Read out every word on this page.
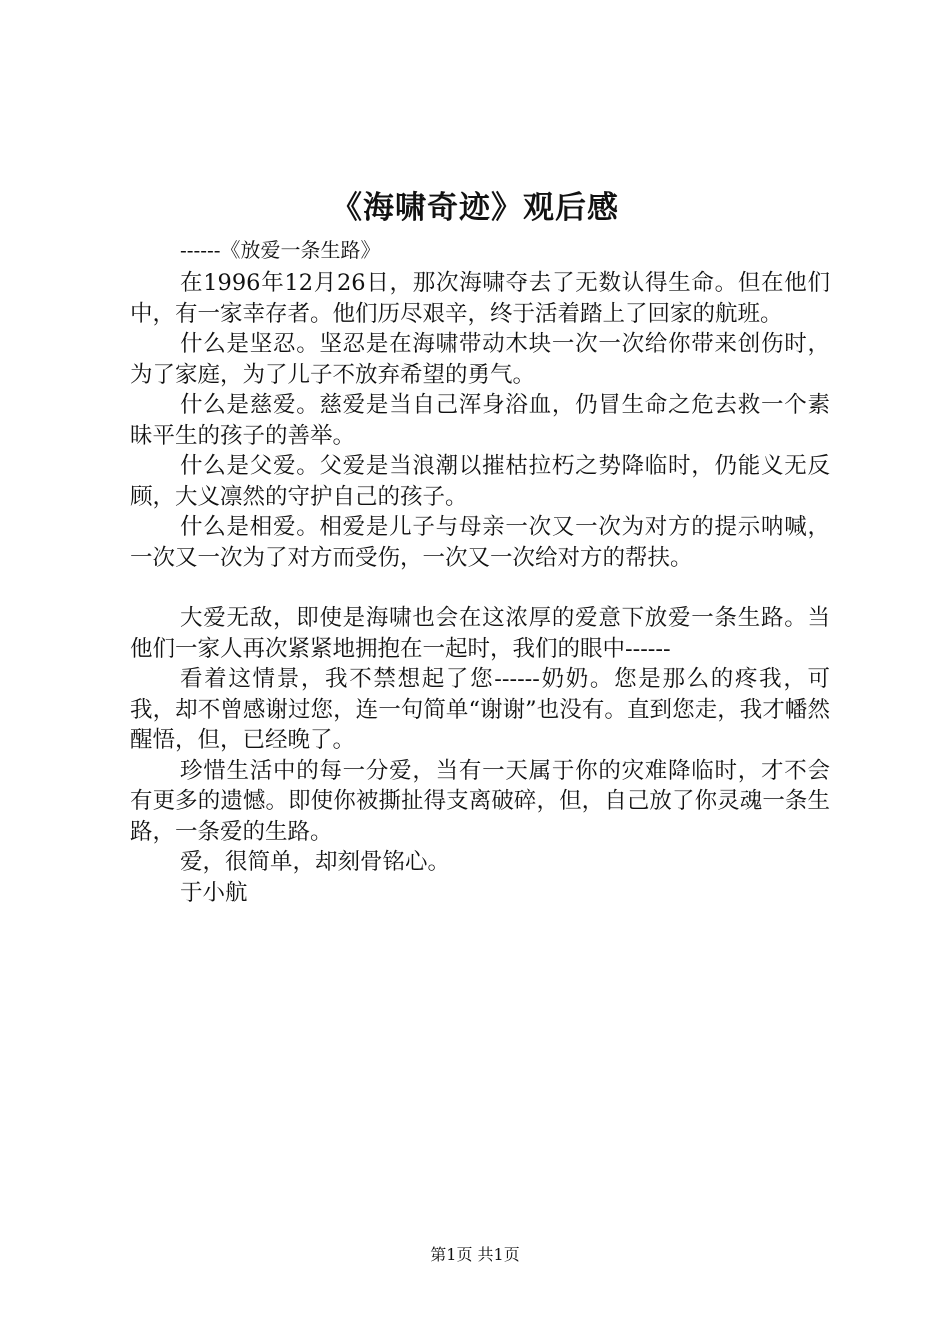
《海啸奇迹》观后感
------《放爱一条生路》

在1996年12月26日，那次海啸夺去了无数认得生命。但在他们中，有一家幸存者。他们历尽艰辛，终于活着踏上了回家的航班。

什么是坚忍。坚忍是在海啸带动木块一次一次给你带来创伤时，为了家庭，为了儿子不放弃希望的勇气。

什么是慈爱。慈爱是当自己浑身浴血，仍冒生命之危去救一个素昧平生的孩子的善举。

什么是父爱。父爱是当浪潮以摧枯拉朽之势降临时，仍能义无反顾，大义凛然的守护自己的孩子。

什么是相爱。相爱是儿子与母亲一次又一次为对方的提示呐喊，一次又一次为了对方而受伤，一次又一次给对方的帮扶。

大爱无敌，即使是海啸也会在这浓厚的爱意下放爱一条生路。当他们一家人再次紧紧地拥抱在一起时，我们的眼中------

看着这情景，我不禁想起了您------奶奶。您是那么的疼我，可我，却不曾感谢过您，连一句简单“谢谢”也没有。直到您走，我才幡然醒悟，但，已经晚了。

珍惜生活中的每一分爱，当有一天属于你的灾难降临时，才不会有更多的遗憾。即使你被撕扯得支离破碎，但，自己放了你灵魂一条生路，一条爱的生路。

爱，很简单，却刻骨铭心。

于小航

第1页 共1页
